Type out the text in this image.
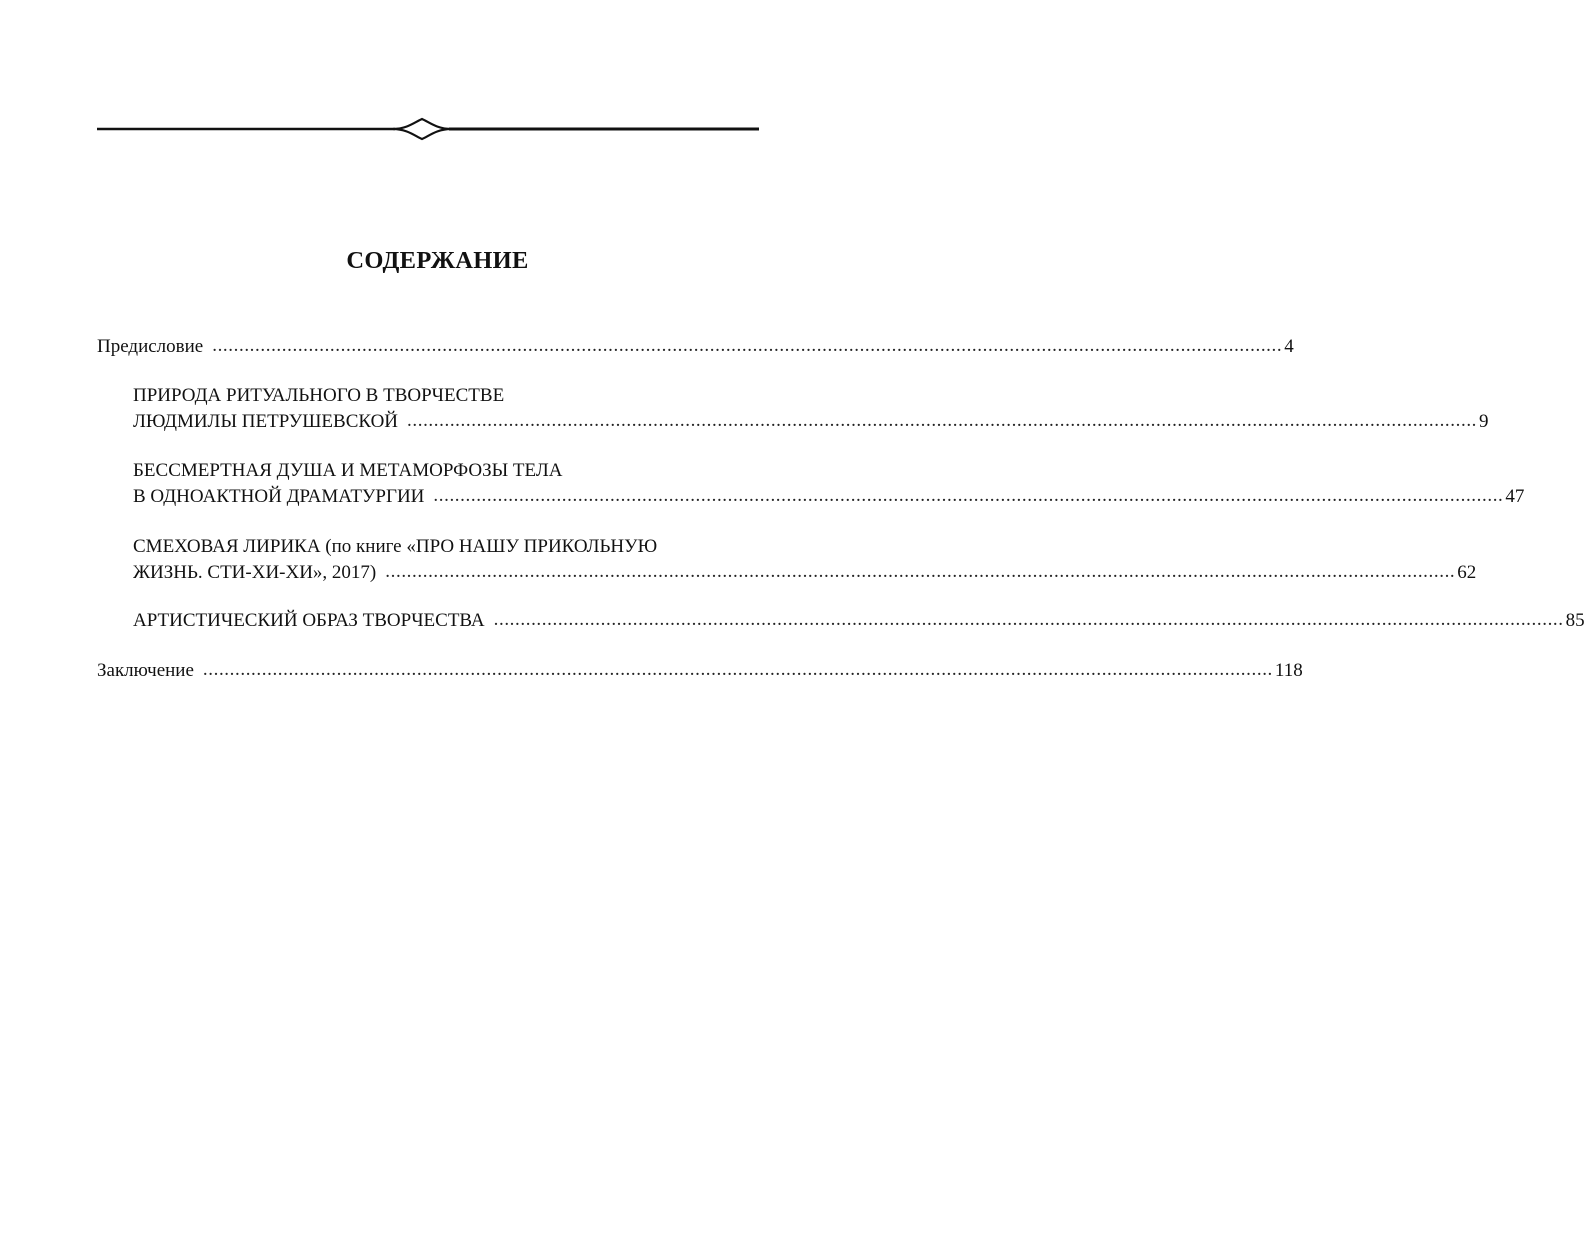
СОДЕРЖАНИЕ
Предисловие ........................................................................................................................................................................................................ 4
ПРИРОДА РИТУАЛЬНОГО В ТВОРЧЕСТВЕ
ЛЮДМИЛЫ ПЕТРУШЕВСКОЙ ........................................................................................................................................................................................................ 9
БЕССМЕРТНАЯ ДУША И МЕТАМОРФОЗЫ ТЕЛА
В ОДНОАКТНОЙ ДРАМАТУРГИИ ........................................................................................................................................................................................................ 47
СМЕХОВАЯ ЛИРИКА (по книге «ПРО НАШУ ПРИКОЛЬНУЮ
ЖИЗНЬ. СТИ-ХИ-ХИ», 2017) ........................................................................................................................................................................................................ 62
АРТИСТИЧЕСКИЙ ОБРАЗ ТВОРЧЕСТВА ........................................................................................................................................................................................................ 85
Заключение ........................................................................................................................................................................................................ 118
